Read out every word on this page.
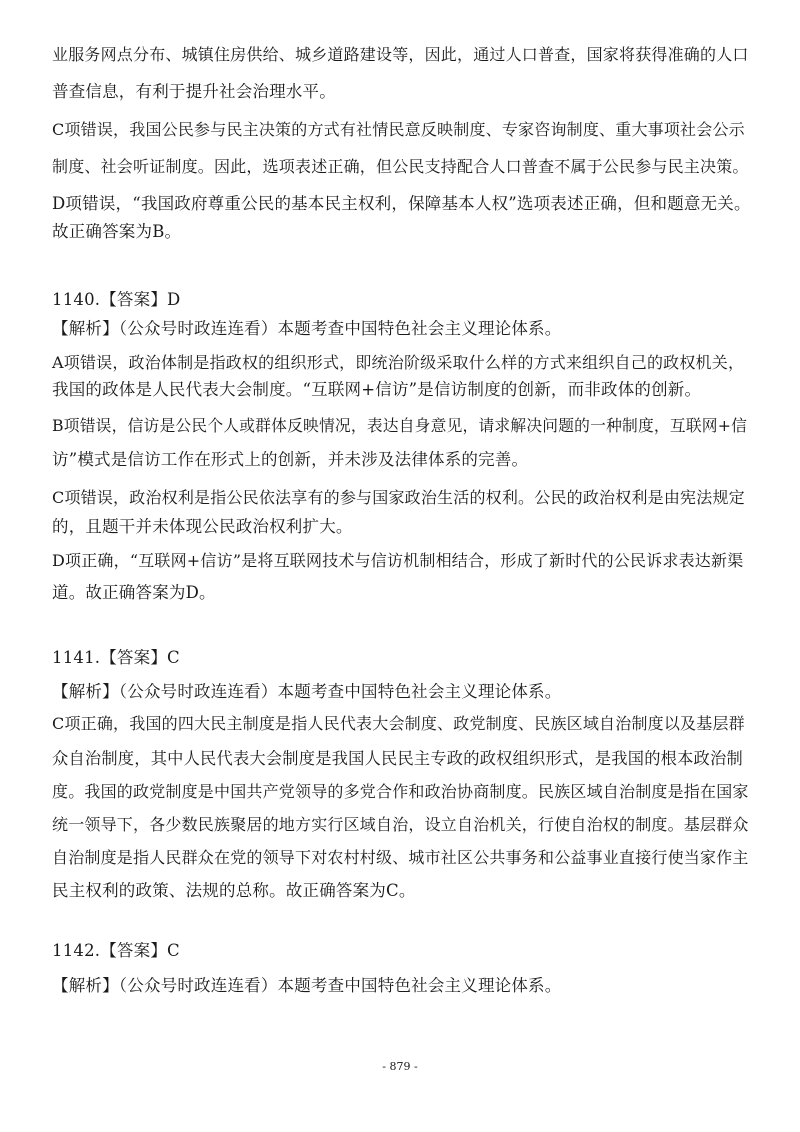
业服务网点分布、城镇住房供给、城乡道路建设等，因此，通过人口普查，国家将获得准确的人口
普查信息，有利于提升社会治理水平。
C项错误，我国公民参与民主决策的方式有社情民意反映制度、专家咨询制度、重大事项社会公示
制度、社会听证制度。因此，选项表述正确，但公民支持配合人口普查不属于公民参与民主决策。
D项错误，“我国政府尊重公民的基本民主权利，保障基本人权”选项表述正确，但和题意无关。
故正确答案为B。
1140.【答案】D
【解析】（公众号时政连连看）本题考查中国特色社会主义理论体系。
A项错误，政治体制是指政权的组织形式，即统治阶级采取什么样的方式来组织自己的政权机关，
我国的政体是人民代表大会制度。“互联网+信访”是信访制度的创新，而非政体的创新。
B项错误，信访是公民个人或群体反映情况，表达自身意见，请求解决问题的一种制度，互联网+信
访”模式是信访工作在形式上的创新，并未涉及法律体系的完善。
C项错误，政治权利是指公民依法享有的参与国家政治生活的权利。公民的政治权利是由宪法规定
的，且题干并未体现公民政治权利扩大。
D项正确，“互联网+信访”是将互联网技术与信访机制相结合，形成了新时代的公民诉求表达新渠
道。故正确答案为D。
1141.【答案】C
【解析】（公众号时政连连看）本题考查中国特色社会主义理论体系。
C项正确，我国的四大民主制度是指人民代表大会制度、政党制度、民族区域自治制度以及基层群
众自治制度，其中人民代表大会制度是我国人民民主专政的政权组织形式，是我国的根本政治制
度。我国的政党制度是中国共产党领导的多党合作和政治协商制度。民族区域自治制度是指在国家
统一领导下，各少数民族聚居的地方实行区域自治，设立自治机关，行使自治权的制度。基层群众
自治制度是指人民群众在党的领导下对农村村级、城市社区公共事务和公益事业直接行使当家作主
民主权利的政策、法规的总称。故正确答案为C。
1142.【答案】C
【解析】（公众号时政连连看）本题考查中国特色社会主义理论体系。
- 879 -
